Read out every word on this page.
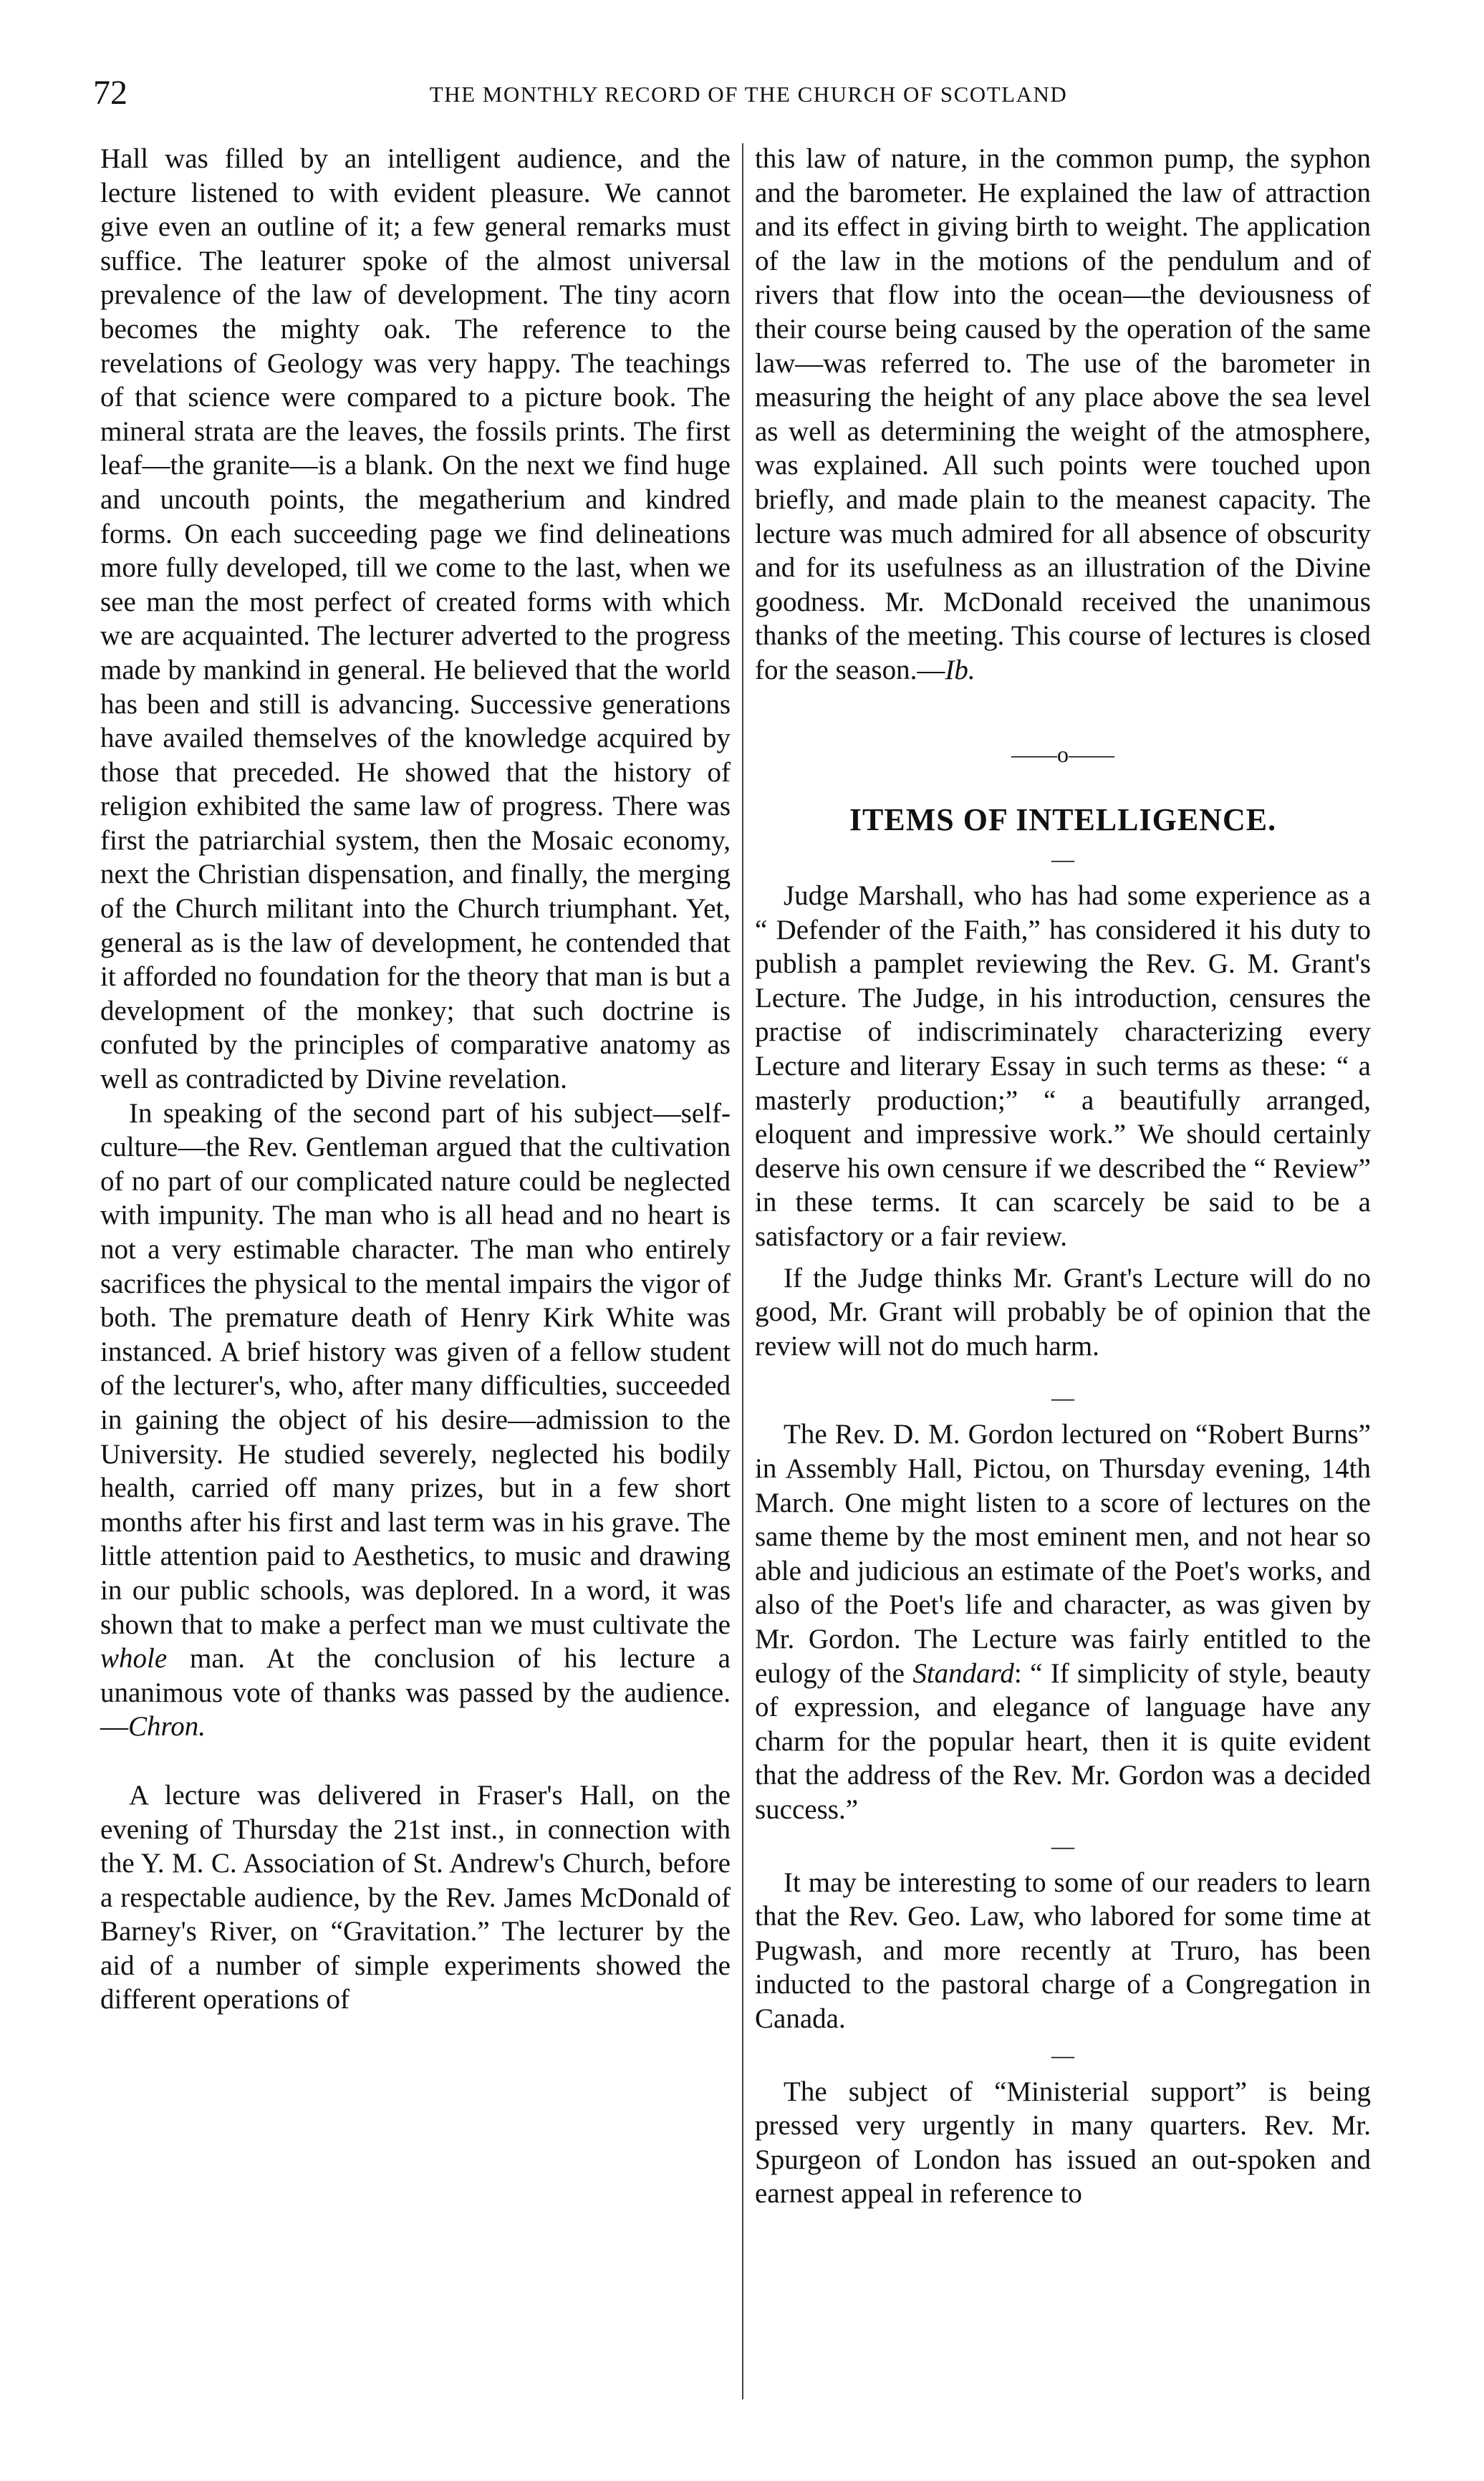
72	THE MONTHLY RECORD OF THE CHURCH OF SCOTLAND

Hall was filled by an intelligent audience, and the lecture listened to with evident pleasure. We cannot give even an outline of it; a few general remarks must suffice. The leaturer spoke of the almost universal prevalence of the law of development. The tiny acorn becomes the mighty oak. The reference to the revelations of Geology was very happy. The teachings of that science were compared to a picture book. The mineral strata are the leaves, the fossils prints. The first leaf—the granite—is a blank. On the next we find huge and uncouth points, the megatherium and kindred forms. On each succeeding page we find delineations more fully developed, till we come to the last, when we see man the most perfect of created forms with which we are acquainted. The lecturer adverted to the progress made by mankind in general. He believed that the world has been and still is advancing. Successive generations have availed themselves of the knowledge acquired by those that preceded. He showed that the history of religion exhibited the same law of progress. There was first the patriarchial system, then the Mosaic economy, next the Christian dispensation, and finally, the merging of the Church militant into the Church triumphant. Yet, general as is the law of development, he contended that it afforded no foundation for the theory that man is but a development of the monkey; that such doctrine is confuted by the principles of comparative anatomy as well as contradicted by Divine revelation.

In speaking of the second part of his subject—self-culture—the Rev. Gentleman argued that the cultivation of no part of our complicated nature could be neglected with impunity. The man who is all head and no heart is not a very estimable character. The man who entirely sacrifices the physical to the mental impairs the vigor of both. The premature death of Henry Kirk White was instanced. A brief history was given of a fellow student of the lecturer's, who, after many difficulties, succeeded in gaining the object of his desire—admission to the University. He studied severely, neglected his bodily health, carried off many prizes, but in a few short months after his first and last term was in his grave. The little attention paid to Aesthetics, to music and drawing in our public schools, was deplored. In a word, it was shown that to make a perfect man we must cultivate the whole man. At the conclusion of his lecture a unanimous vote of thanks was passed by the audience.—Chron.

A lecture was delivered in Fraser's Hall, on the evening of Thursday the 21st inst., in connection with the Y. M. C. Association of St. Andrew's Church, before a respectable audience, by the Rev. James McDonald of Barney's River, on “Gravitation.” The lecturer by the aid of a number of simple experiments showed the different operations of

this law of nature, in the common pump, the syphon and the barometer. He explained the law of attraction and its effect in giving birth to weight. The application of the law in the motions of the pendulum and of rivers that flow into the ocean—the deviousness of their course being caused by the operation of the same law—was referred to. The use of the barometer in measuring the height of any place above the sea level as well as determining the weight of the atmosphere, was explained. All such points were touched upon briefly, and made plain to the meanest capacity. The lecture was much admired for all absence of obscurity and for its usefulness as an illustration of the Divine goodness. Mr. McDonald received the unanimous thanks of the meeting. This course of lectures is closed for the season.—Ib.

——o——
ITEMS OF INTELLIGENCE.
—

Judge Marshall, who has had some experience as a “ Defender of the Faith,” has considered it his duty to publish a pamplet reviewing the Rev. G. M. Grant's Lecture. The Judge, in his introduction, censures the practise of indiscriminately characterizing every Lecture and literary Essay in such terms as these: “ a masterly production;” “ a beautifully arranged, eloquent and impressive work.” We should certainly deserve his own censure if we described the “ Review” in these terms. It can scarcely be said to be a satisfactory or a fair review.

If the Judge thinks Mr. Grant's Lecture will do no good, Mr. Grant will probably be of opinion that the review will not do much harm.

—

The Rev. D. M. Gordon lectured on “Robert Burns” in Assembly Hall, Pictou, on Thursday evening, 14th March. One might listen to a score of lectures on the same theme by the most eminent men, and not hear so able and judicious an estimate of the Poet's works, and also of the Poet's life and character, as was given by Mr. Gordon. The Lecture was fairly entitled to the eulogy of the Standard: “ If simplicity of style, beauty of expression, and elegance of language have any charm for the popular heart, then it is quite evident that the address of the Rev. Mr. Gordon was a decided success.”

—

It may be interesting to some of our readers to learn that the Rev. Geo. Law, who labored for some time at Pugwash, and more recently at Truro, has been inducted to the pastoral charge of a Congregation in Canada.

—

The subject of “Ministerial support” is being pressed very urgently in many quarters. Rev. Mr. Spurgeon of London has issued an out-spoken and earnest appeal in reference to
